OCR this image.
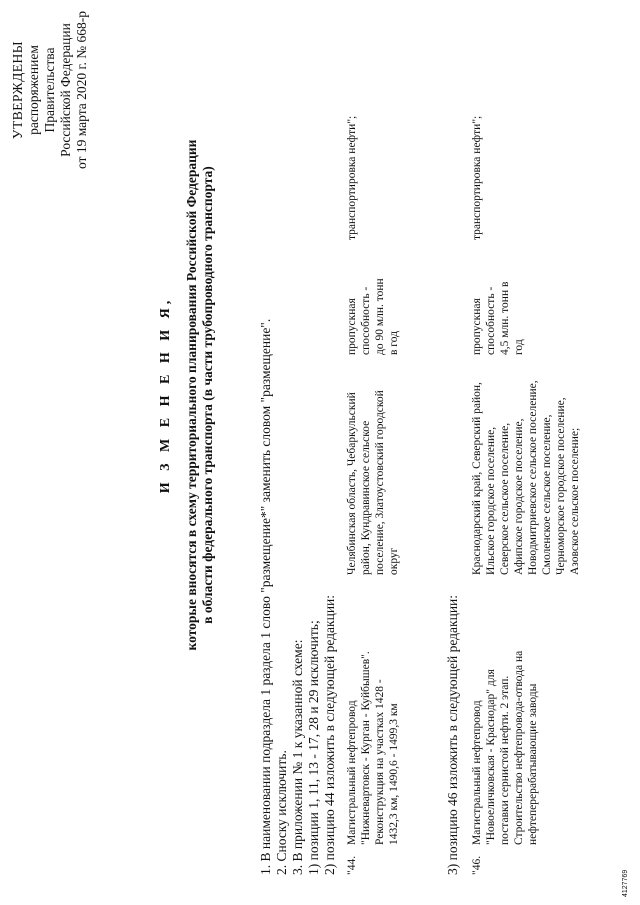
УТВЕРЖДЕНЫ распоряжением Правительства Российской Федерации от 19 марта 2020 г. № 668-р
И З М Е Н Е Н И Я, которые вносятся в схему территориального планирования Российской Федерации в области федерального транспорта (в части трубопроводного транспорта)	1. В наименовании подраздела 1 раздела 1 слово "размещение*" заменить словом "размещение". 2. Сноску исключить. 3. В приложении № 1 к указанной схеме: 1) позиции 1, 11, 13 - 17, 28 и 29 исключить; 2) позицию 44 изложить в следующей редакции: "44.
Магистральный нефтепровод "Нижневартовск - Курган - Куйбышев". Реконструкция на участках 1428 - 1432,3 км, 1490,6 - 1499,3 км
Челябинская область, Чебаркульский район, Кундравинское сельское поселение, Златоустовский городской округ
пропускная способность - до 90 млн. тонн в год
транспортировка нефти";
3) позицию 46 изложить в следующей редакции: "46.
Магистральный нефтепровод "Новоеличковская - Краснодар" для поставки сернистой нефти. 2 этап. Строительство нефтепровода-отвода на нефтеперерабатывающие заводы
Краснодарский край, Северский район, Ильское городское поселение, Северское сельское поселение, Афипское городское поселение, Новодмитриевское сельское поселение, Смоленское сельское поселение, Черноморское городское поселение, Азовское сельское поселение;
пропускная способность - 4,5 млн. тонн в год
транспортировка нефти";
4127769
